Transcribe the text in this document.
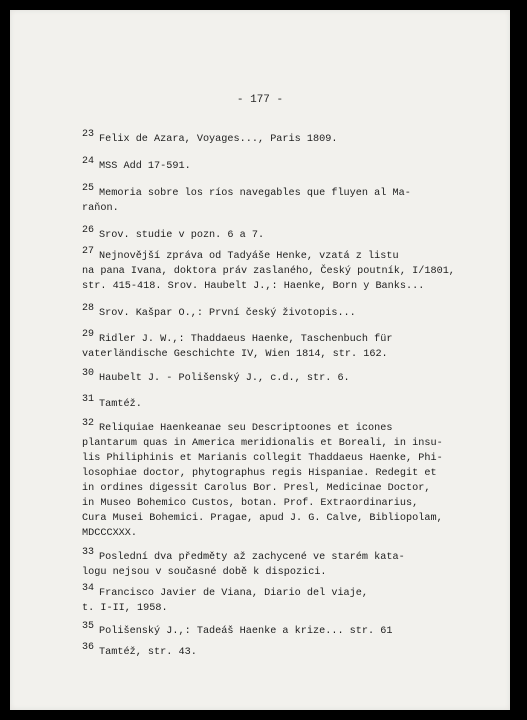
- 177 -

23 Felix de Azara, Voyages..., Paris 1809.

24 MSS Add 17-591.

25 Memoria sobre los ríos navegables que fluyen al Ma-
raňon.

26 Srov. studie v pozn. 6 a 7.

27 Nejnovější zpráva od Tadyáše Henke, vzatá z listu
na pana Ivana, doktora práv zaslaného, Český poutník, I/1801,
str. 415-418. Srov. Haubelt J.,: Haenke, Born y Banks...

28 Srov. Kašpar O.,: První český životopis...

29 Ridler J. W.,: Thaddaeus Haenke, Taschenbuch für
vaterländische Geschichte IV, Wien 1814, str. 162.

30 Haubelt J. - Polišenský J., c.d., str. 6.

31 Tamtéž.

32 Reliquiae Haenkeanae seu Descriptoones et icones
plantarum quas in America meridionalis et Boreali, in insu-
lis Philiphinis et Marianis collegit Thaddaeus Haenke, Phi-
losophiae doctor, phytographus regis Hispaniae. Redegit et
in ordines digessit Carolus Bor. Presl, Medicinae Doctor,
in Museo Bohemico Custos, botan. Prof. Extraordinarius,
Cura Musei Bohemici. Pragae, apud J. G. Calve, Bibliopolam,
MDCCCXXX.

33 Poslední dva předměty až zachycené ve starém kata-
logu nejsou v současné době k dispozici.

34 Francisco Javier de Viana, Diario del viaje,
t. I-II, 1958.

35 Polišenský J.,: Tadeáš Haenke a krize... str. 61

36 Tamtéž, str. 43.
